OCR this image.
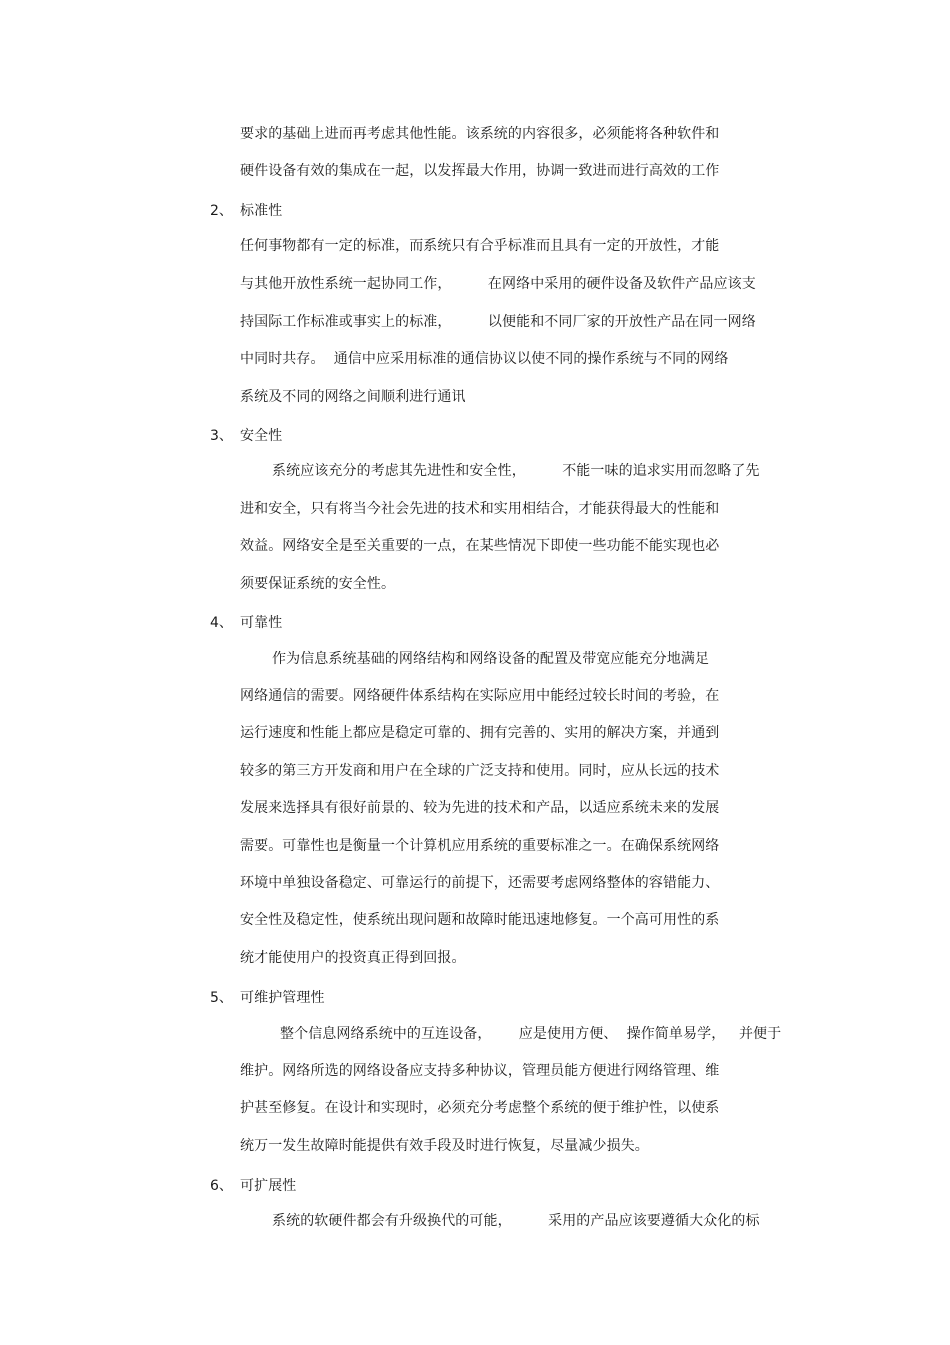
要求的基础上进而再考虑其他性能。该系统的内容很多，必须能将各种软件和
硬件设备有效的集成在一起，以发挥最大作用，协调一致进而进行高效的工作
2、 标准性
任何事物都有一定的标准，而系统只有合乎标准而且具有一定的开放性，才能
与其他开放性系统一起协同工作，        在网络中采用的硬件设备及软件产品应该支
持国际工作标准或事实上的标准，        以便能和不同厂家的开放性产品在同一网络
中同时共存。  通信中应采用标准的通信协议以使不同的操作系统与不同的网络
系统及不同的网络之间顺利进行通讯
3、 安全性
系统应该充分的考虑其先进性和安全性，        不能一味的追求实用而忽略了先
进和安全，只有将当今社会先进的技术和实用相结合，才能获得最大的性能和
效益。网络安全是至关重要的一点，在某些情况下即使一些功能不能实现也必
须要保证系统的安全性。
4、 可靠性
作为信息系统基础的网络结构和网络设备的配置及带宽应能充分地满足
网络通信的需要。网络硬件体系结构在实际应用中能经过较长时间的考验，在
运行速度和性能上都应是稳定可靠的、拥有完善的、实用的解决方案，并通到
较多的第三方开发商和用户在全球的广泛支持和使用。同时，应从长远的技术
发展来选择具有很好前景的、较为先进的技术和产品，以适应系统未来的发展
需要。可靠性也是衡量一个计算机应用系统的重要标准之一。在确保系统网络
环境中单独设备稳定、可靠运行的前提下，还需要考虑网络整体的容错能力、
安全性及稳定性，使系统出现问题和故障时能迅速地修复。一个高可用性的系
统才能使用户的投资真正得到回报。
5、 可维护管理性
整个信息网络系统中的互连设备，      应是使用方便、  操作简单易学，   并便于
维护。网络所选的网络设备应支持多种协议，管理员能方便进行网络管理、维
护甚至修复。在设计和实现时，必须充分考虑整个系统的便于维护性，以使系
统万一发生故障时能提供有效手段及时进行恢复，尽量减少损失。
6、 可扩展性
系统的软硬件都会有升级换代的可能，        采用的产品应该要遵循大众化的标
